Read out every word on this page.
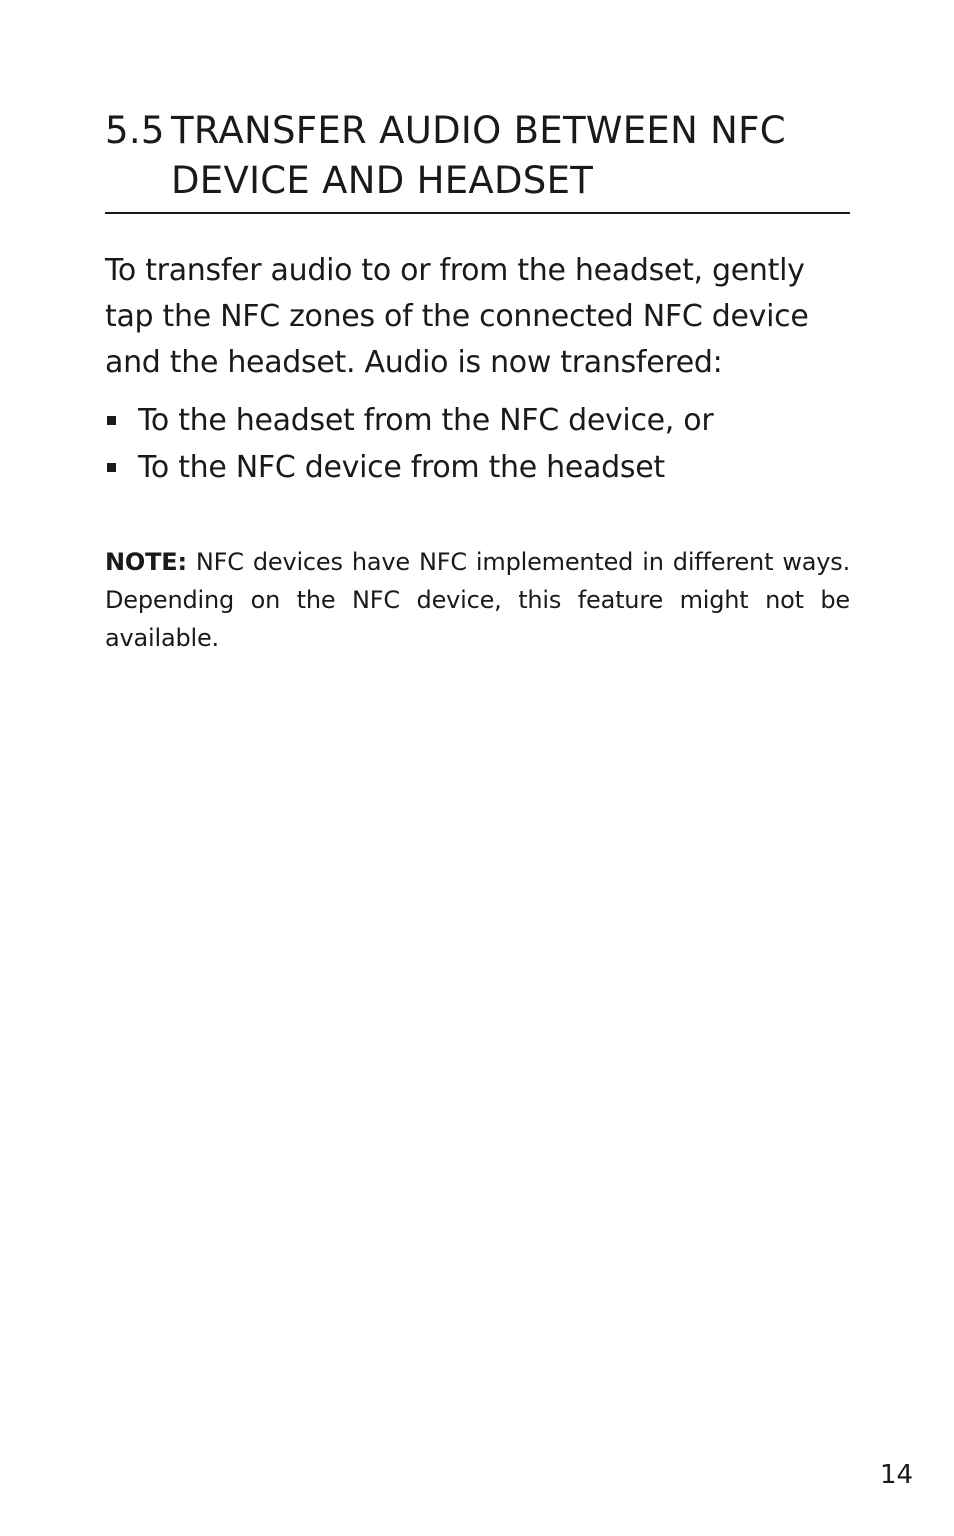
5.5 TRANSFER AUDIO BETWEEN NFC DEVICE AND HEADSET

To transfer audio to or from the headset, gently tap the NFC zones of the connected NFC device and the headset. Audio is now transfered:

To the headset from the NFC device, or
To the NFC device from the headset

NOTE: NFC devices have NFC implemented in different ways. Depending on the NFC device, this feature might not be available.

14
